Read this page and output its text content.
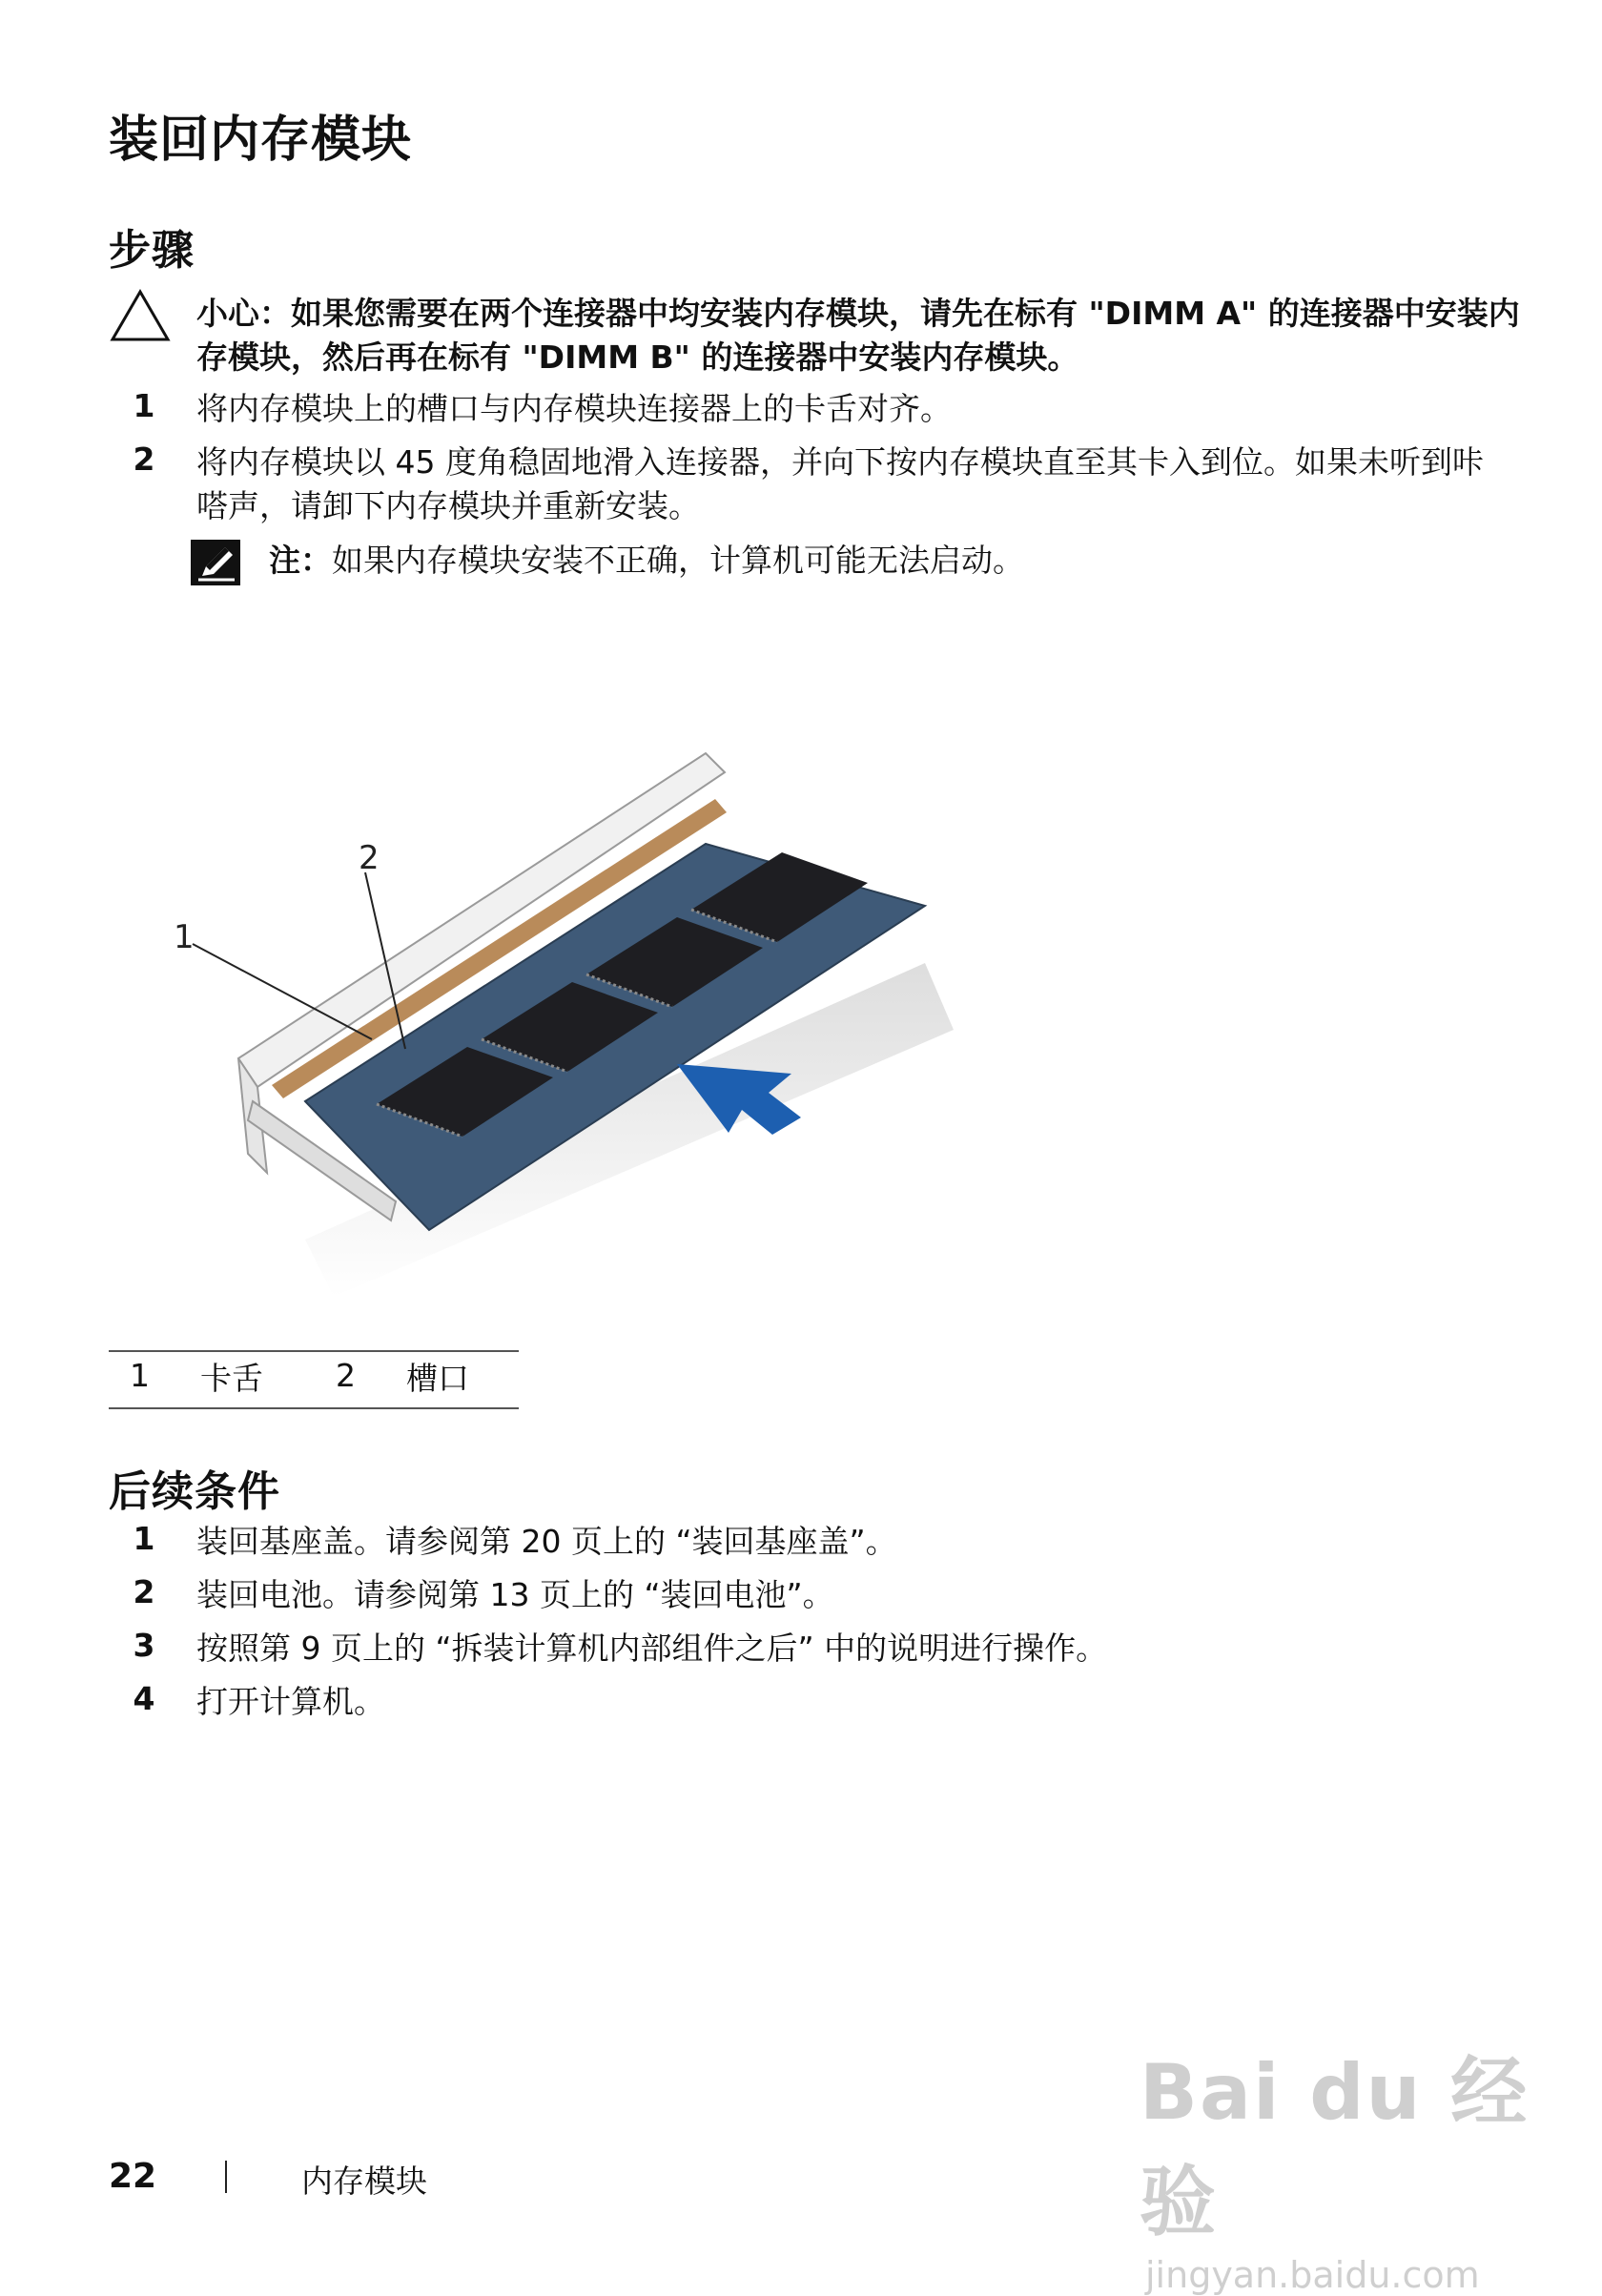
装回内存模块
步骤
小心：如果您需要在两个连接器中均安装内存模块，请先在标有 "DIMM A" 的连接器中安装内存模块，然后再在标有 "DIMM B" 的连接器中安装内存模块。
1 将内存模块上的槽口与内存模块连接器上的卡舌对齐。
2 将内存模块以 45 度角稳固地滑入连接器，并向下按内存模块直至其卡入到位。如果未听到咔嗒声，请卸下内存模块并重新安装。
注：如果内存模块安装不正确，计算机可能无法启动。
1
2
1 卡舌 2 槽口
后续条件
1 装回基座盖。请参阅第 20 页上的 “装回基座盖”。
2 装回电池。请参阅第 13 页上的 “装回电池”。
3 按照第 9 页上的 “拆装计算机内部组件之后” 中的说明进行操作。
4 打开计算机。
22	内存模块
Bai du 经验
jingyan.baidu.com
